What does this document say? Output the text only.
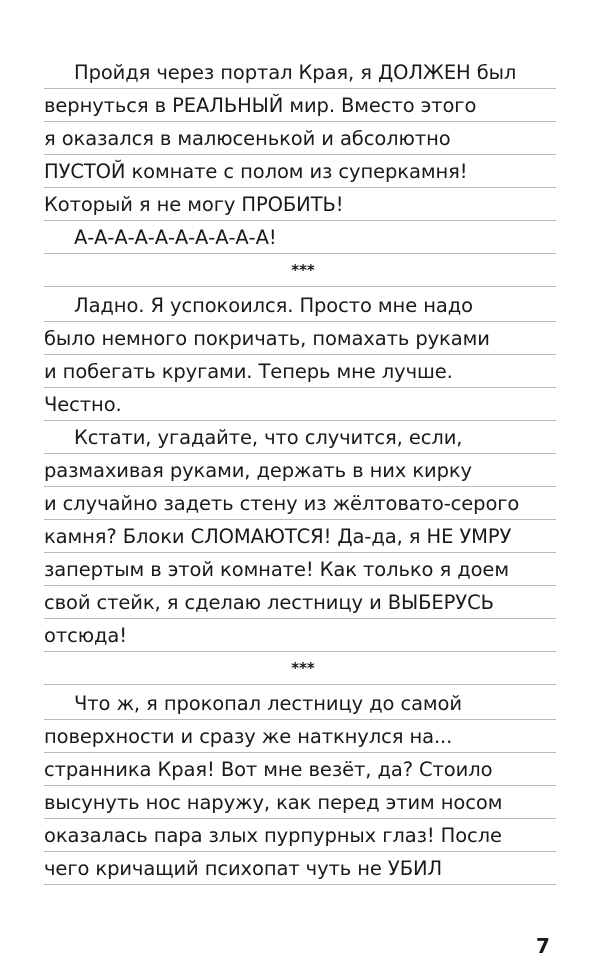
Пройдя через портал Края, я ДОЛЖЕН был
вернуться в РЕАЛЬНЫЙ мир. Вместо этого
я оказался в малюсенькой и абсолютно
ПУСТОЙ комнате с полом из суперкамня!
Который я не могу ПРОБИТЬ!
А-А-А-А-А-А-А-А-А-А!
***
Ладно. Я успокоился. Просто мне надо
было немного покричать, помахать руками
и побегать кругами. Теперь мне лучше.
Честно.
Кстати, угадайте, что случится, если,
размахивая руками, держать в них кирку
и случайно задеть стену из жёлтовато-серого
камня? Блоки СЛОМАЮТСЯ! Да-да, я НЕ УМРУ
запертым в этой комнате! Как только я доем
свой стейк, я сделаю лестницу и ВЫБЕРУСЬ
отсюда!
***
Что ж, я прокопал лестницу до самой
поверхности и сразу же наткнулся на...
странника Края! Вот мне везёт, да? Стоило
высунуть нос наружу, как перед этим носом
оказалась пара злых пурпурных глаз! После
чего кричащий психопат чуть не УБИЛ
7
